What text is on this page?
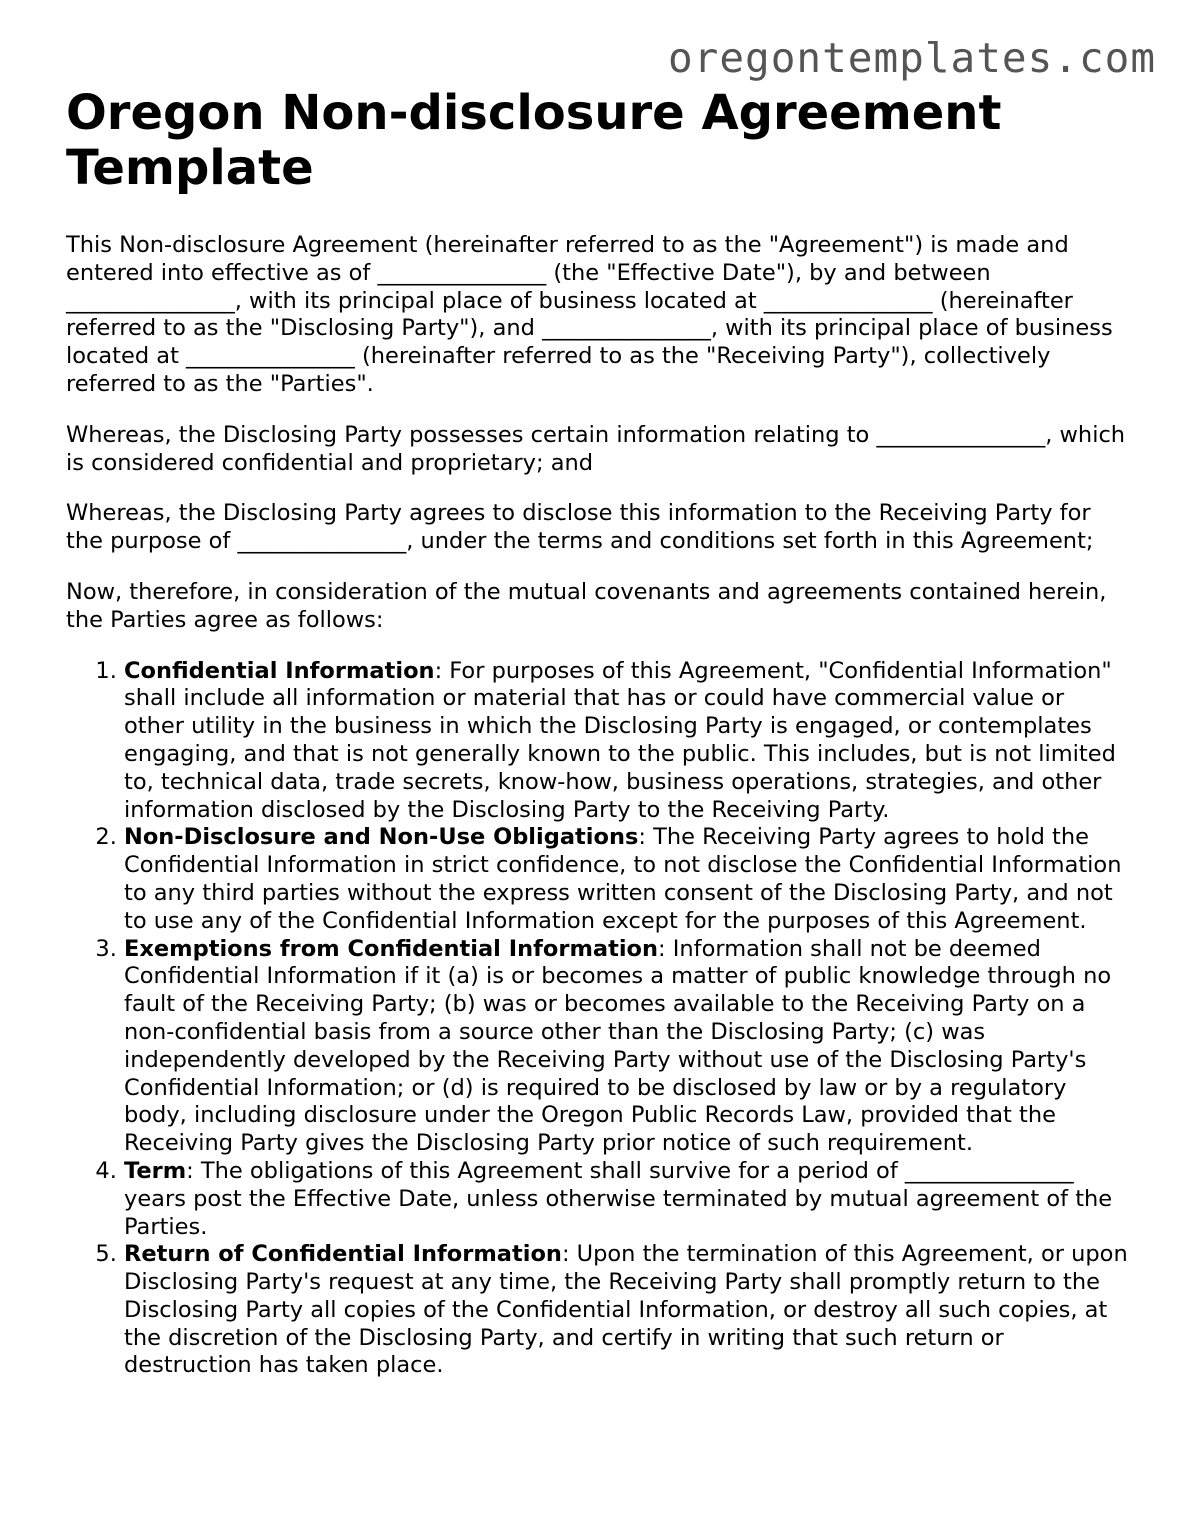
oregontemplates.com
Oregon Non-disclosure Agreement Template

This Non-disclosure Agreement (hereinafter referred to as the "Agreement") is made and entered into effective as of _______________ (the "Effective Date"), by and between _______________, with its principal place of business located at _______________ (hereinafter referred to as the "Disclosing Party"), and _______________, with its principal place of business located at _______________ (hereinafter referred to as the "Receiving Party"), collectively referred to as the "Parties".

Whereas, the Disclosing Party possesses certain information relating to _______________, which is considered confidential and proprietary; and

Whereas, the Disclosing Party agrees to disclose this information to the Receiving Party for the purpose of _______________, under the terms and conditions set forth in this Agreement;

Now, therefore, in consideration of the mutual covenants and agreements contained herein, the Parties agree as follows:

1. Confidential Information: For purposes of this Agreement, "Confidential Information" shall include all information or material that has or could have commercial value or other utility in the business in which the Disclosing Party is engaged, or contemplates engaging, and that is not generally known to the public. This includes, but is not limited to, technical data, trade secrets, know-how, business operations, strategies, and other information disclosed by the Disclosing Party to the Receiving Party.
2. Non-Disclosure and Non-Use Obligations: The Receiving Party agrees to hold the Confidential Information in strict confidence, to not disclose the Confidential Information to any third parties without the express written consent of the Disclosing Party, and not to use any of the Confidential Information except for the purposes of this Agreement.
3. Exemptions from Confidential Information: Information shall not be deemed Confidential Information if it (a) is or becomes a matter of public knowledge through no fault of the Receiving Party; (b) was or becomes available to the Receiving Party on a non-confidential basis from a source other than the Disclosing Party; (c) was independently developed by the Receiving Party without use of the Disclosing Party's Confidential Information; or (d) is required to be disclosed by law or by a regulatory body, including disclosure under the Oregon Public Records Law, provided that the Receiving Party gives the Disclosing Party prior notice of such requirement.
4. Term: The obligations of this Agreement shall survive for a period of _______________ years post the Effective Date, unless otherwise terminated by mutual agreement of the Parties.
5. Return of Confidential Information: Upon the termination of this Agreement, or upon Disclosing Party's request at any time, the Receiving Party shall promptly return to the Disclosing Party all copies of the Confidential Information, or destroy all such copies, at the discretion of the Disclosing Party, and certify in writing that such return or destruction has taken place.
